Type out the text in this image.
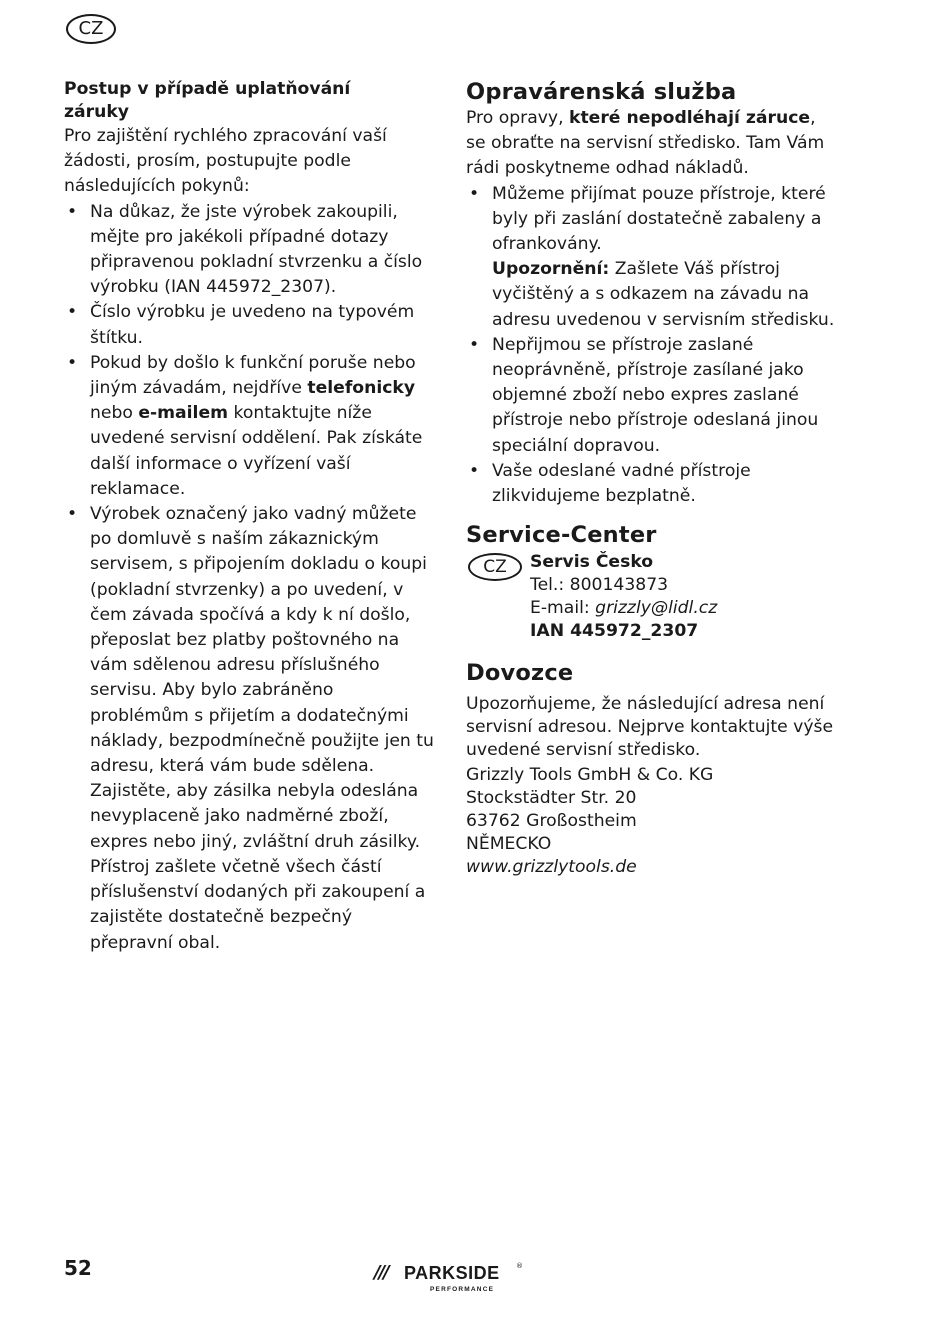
CZ
Postup v případě uplatňování záruky

Pro zajištění rychlého zpracování vaší žádosti, prosím, postupujte podle následujících pokynů:

• Na důkaz, že jste výrobek zakoupili, mějte pro jakékoli případné dotazy připravenou pokladní stvrzenku a číslo výrobku (IAN 445972_2307).
• Číslo výrobku je uvedeno na typovém štítku.
• Pokud by došlo k funkční poruše nebo jiným závadám, nejdříve telefonicky nebo e-mailem kontaktujte níže uvedené servisní oddělení. Pak získáte další informace o vyřízení vaší reklamace.
• Výrobek označený jako vadný můžete po domluvě s naším zákaznickým servisem, s připojením dokladu o koupi (pokladní stvrzenky) a po uvedení, v čem závada spočívá a kdy k ní došlo, přeposlat bez platby poštovného na vám sdělenou adresu příslušného servisu. Aby bylo zabráněno problémům s přijetím a dodatečnými náklady, bezpodmínečně použijte jen tu adresu, která vám bude sdělena. Zajistěte, aby zásilka nebyla odeslána nevyplaceně jako nadměrné zboží, expres nebo jiný, zvláštní druh zásilky. Přístroj zašlete včetně všech částí příslušenství dodaných při zakoupení a zajistěte dostatečně bezpečný přepravní obal.
Opravárenská služba

Pro opravy, které nepodléhají záruce, se obraťte na servisní středisko. Tam Vám rádi poskytneme odhad nákladů.

• Můžeme přijímat pouze přístroje, které byly při zaslání dostatečně zabaleny a ofrankovány.
Upozornění: Zašlete Váš přístroj vyčištěný a s odkazem na závadu na adresu uvedenou v servisním středisku.
• Nepřijmou se přístroje zaslané neoprávněně, přístroje zasílané jako objemné zboží nebo expres zaslané přístroje nebo přístroje odeslaná jinou speciální dopravou.
• Vaše odeslané vadné přístroje zlikvidujeme bezplatně.
Service-Center
CZ	Servis Česko
Tel.: 800143873
E-mail: grizzly@lidl.cz
IAN 445972_2307
Dovozce

Upozorňujeme, že následující adresa není servisní adresou. Nejprve kontaktujte výše uvedené servisní středisko.

Grizzly Tools GmbH & Co. KG
Stockstädter Str. 20
63762 Großostheim
NĚMECKO
www.grizzlytools.de
52	/// PARKSIDE ®
PERFORMANCE
